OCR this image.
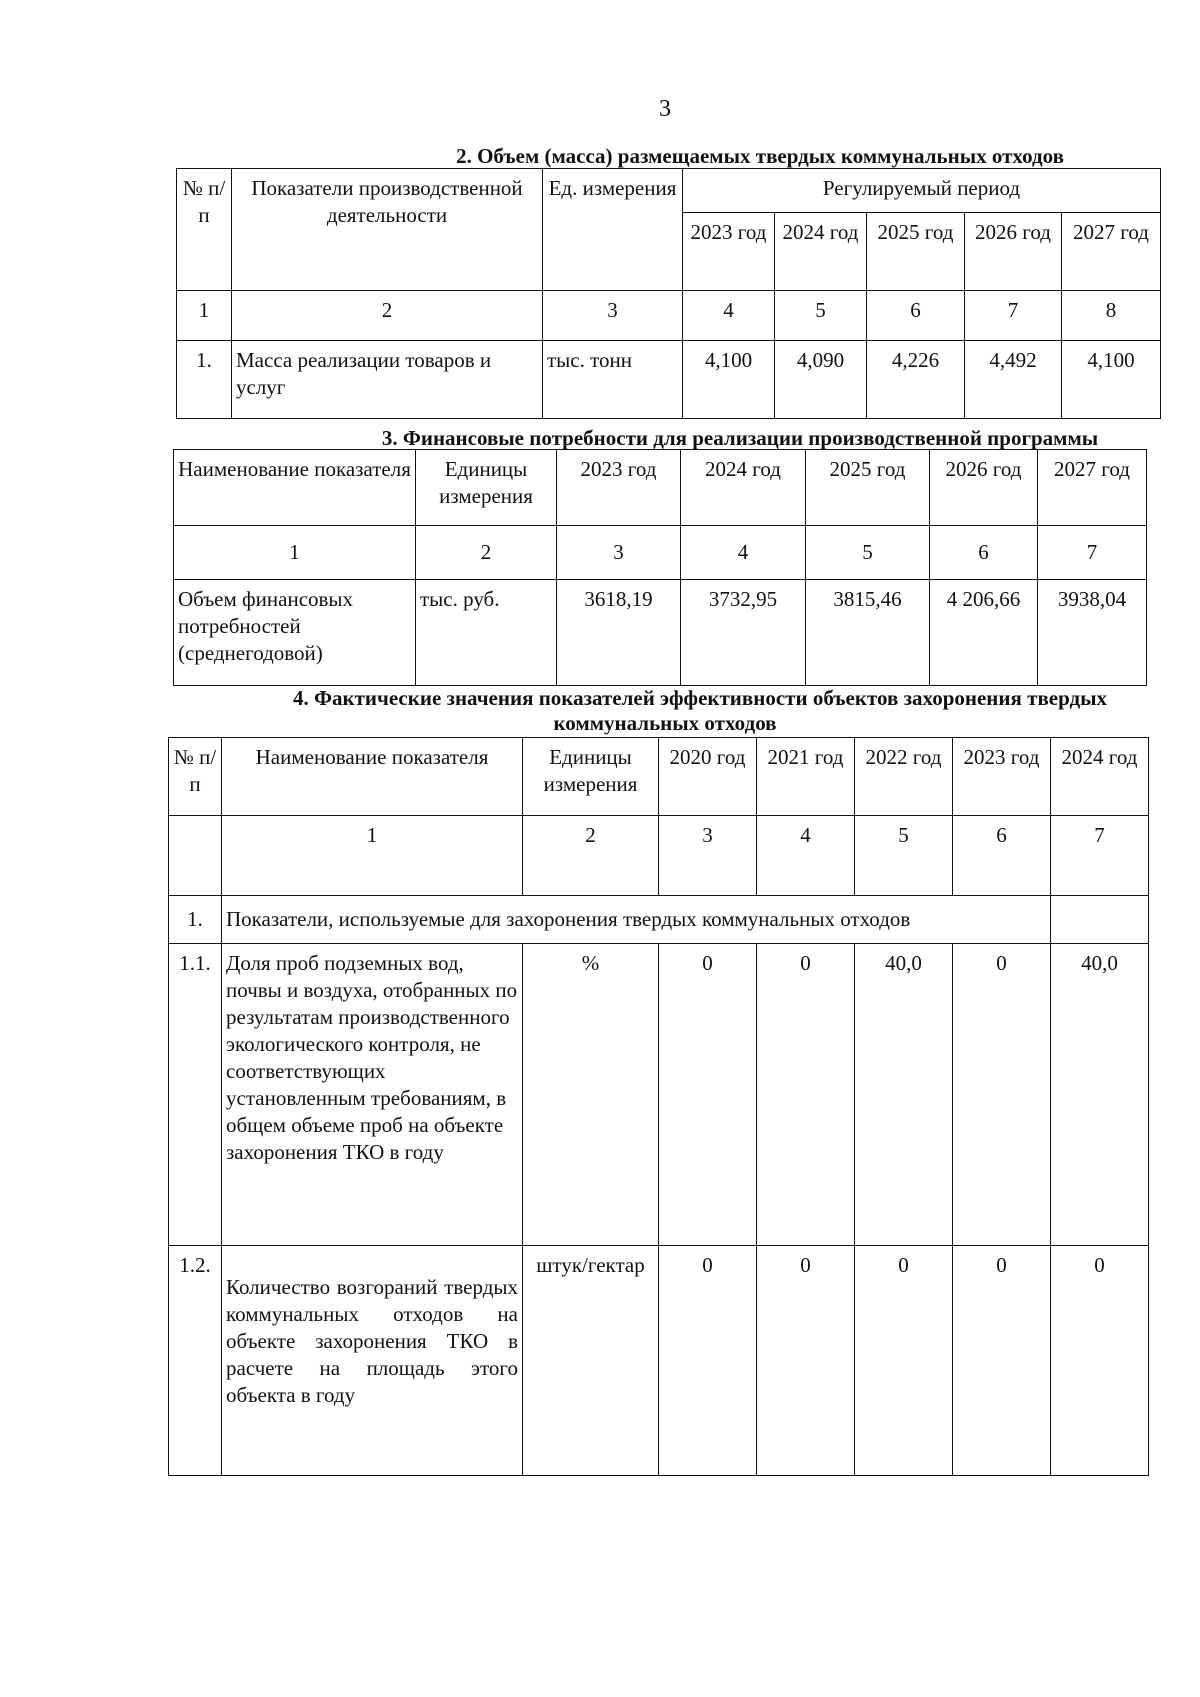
3
2. Объем (масса) размещаемых твердых коммунальных отходов
№ п/п	Показатели производственной деятельности	Ед. измерения	Регулируемый период				
			2023 год	2024 год	2025 год	2026 год	2027 год
1	2	3	4	5	6	7	8
1.	Масса реализации товаров и услуг	тыс. тонн	4,100	4,090	4,226	4,492	4,100
3. Финансовые потребности для реализации производственной программы
Наименование показателя	Единицы измерения	2023 год	2024 год	2025 год	2026 год	2027 год
1	2	3	4	5	6	7
Объем финансовых потребностей (среднегодовой)	тыс. руб.	3618,19	3732,95	3815,46	4 206,66	3938,04
4. Фактические значения показателей эффективности объектов захоронения твердых
коммунальных отходов
№ п/п	Наименование показателя	Единицы измерения	2020 год	2021 год	2022 год	2023 год	2024 год
	1	2	3	4	5	6	7
1.	Показатели, используемые для захоронения твердых коммунальных отходов						
1.1.	Доля проб подземных вод, почвы и воздуха, отобранных по результатам производственного экологического контроля, не соответствующих установленным требованиям, в общем объеме проб на объекте захоронения ТКО в году	%	0	0	40,0	0	40,0
1.2.	Количество возгораний твердых коммунальных отходов на объекте захоронения ТКО в расчете на площадь этого объекта в году	штук/гектар	0	0	0	0	0
